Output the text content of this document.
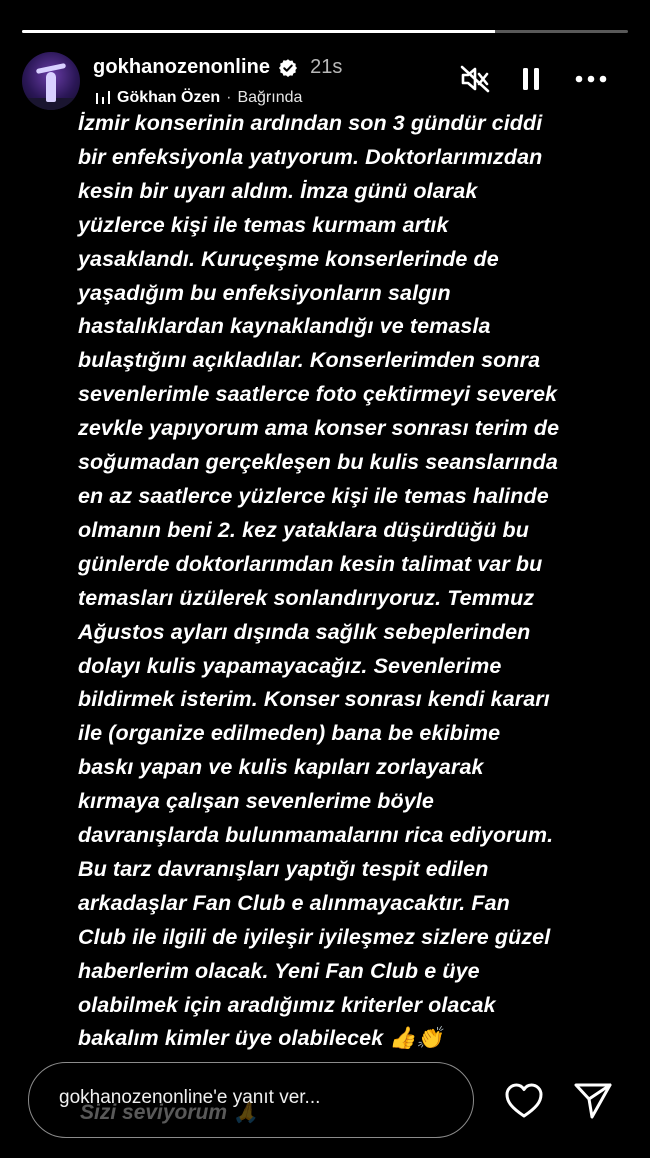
gokhanozenonline 21s
Gökhan Özen · Bağrında

İzmir konserinin ardından son 3 gündür ciddi
bir enfeksiyonla yatıyorum. Doktorlarımızdan
kesin bir uyarı aldım. İmza günü olarak
yüzlerce kişi ile temas kurmam artık
yasaklandı. Kuruçeşme konserlerinde de
yaşadığım bu enfeksiyonların salgın
hastalıklardan kaynaklandığı ve temasla
bulaştığını açıkladılar. Konserlerimden sonra
sevenlerimle saatlerce foto çektirmeyi severek
zevkle yapıyorum ama konser sonrası terim de
soğumadan gerçekleşen bu kulis seanslarında
en az saatlerce yüzlerce kişi ile temas halinde
olmanın beni 2. kez yataklara düşürdüğü bu
günlerde doktorlarımdan kesin talimat var bu
temasları üzülerek sonlandırıyoruz. Temmuz
Ağustos ayları dışında sağlık sebeplerinden
dolayı kulis yapamayacağız. Sevenlerime
bildirmek isterim. Konser sonrası kendi kararı
ile (organize edilmeden) bana be ekibime
baskı yapan ve kulis kapıları zorlayarak
kırmaya çalışan sevenlerime böyle
davranışlarda bulunmamalarını rica ediyorum.
Bu tarz davranışları yaptığı tespit edilen
arkadaşlar Fan Club e alınmayacaktır. Fan
Club ile ilgili de iyileşir iyileşmez sizlere güzel
haberlerim olacak. Yeni Fan Club e üye
olabilmek için aradığımız kriterler olacak
bakalım kimler üye olabilecek 👍👏

Sizi seviyorum 🙏
gokhanozenonline'e yanıt ver...
